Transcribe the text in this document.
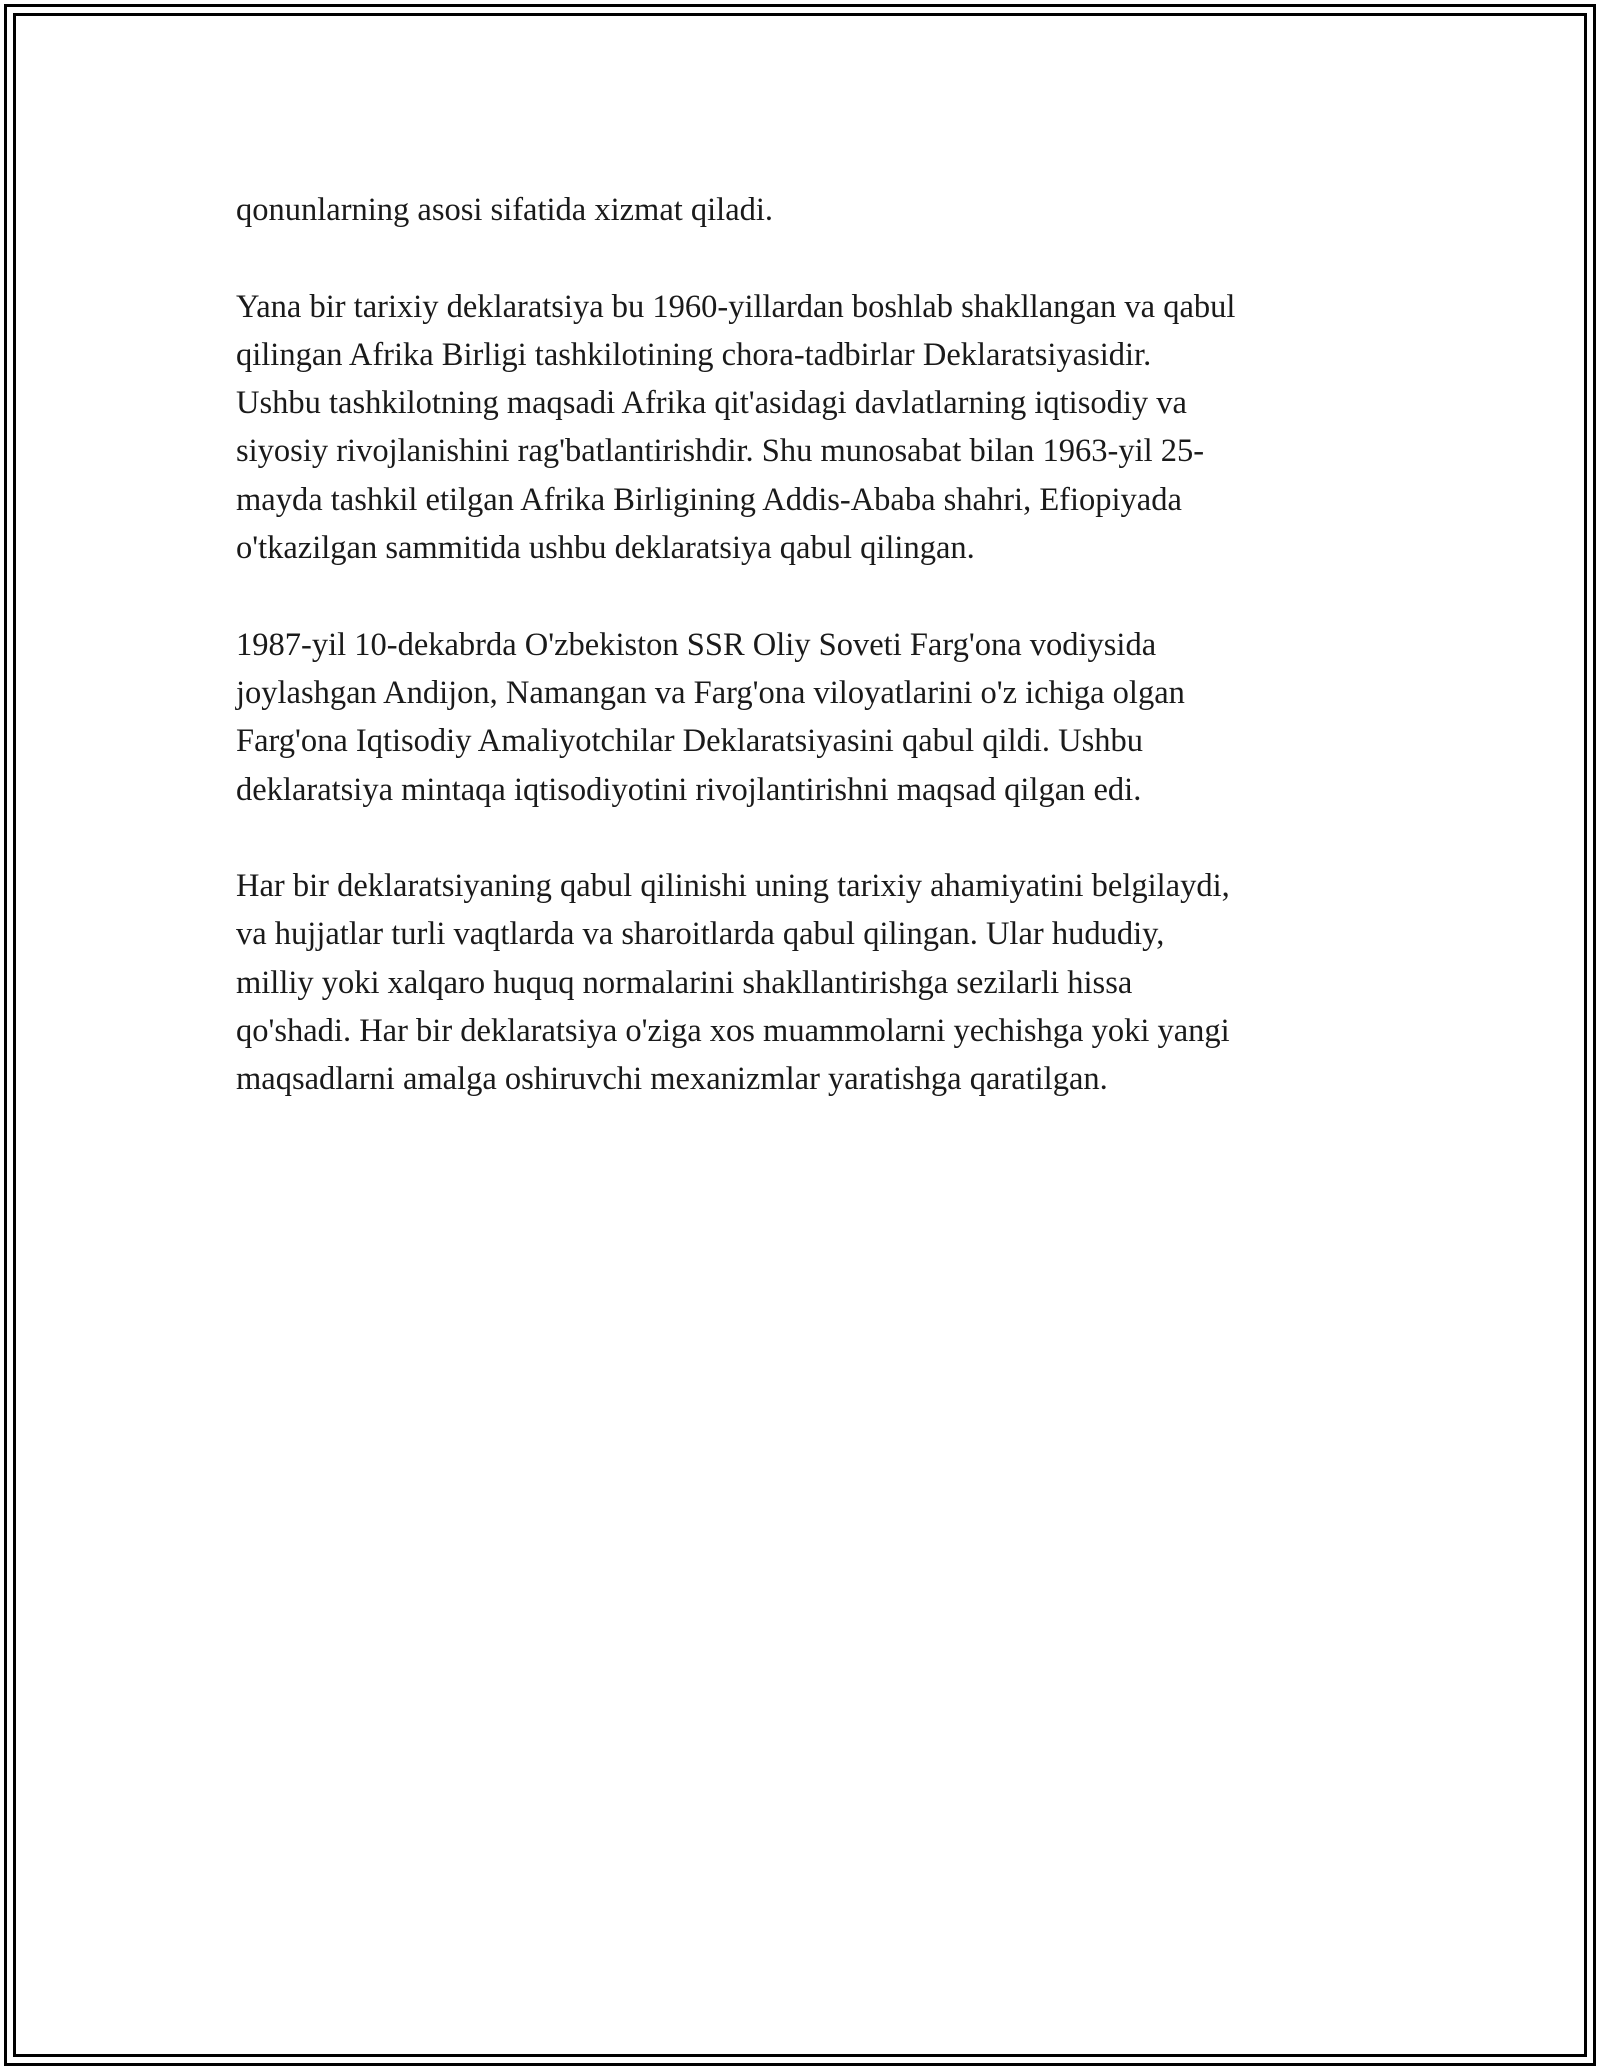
qonunlarning asosi sifatida xizmat qiladi.

Yana bir tarixiy deklaratsiya bu 1960-yillardan boshlab shakllangan va qabul
qilingan Afrika Birligi tashkilotining chora-tadbirlar Deklaratsiyasidir.
Ushbu tashkilotning maqsadi Afrika qit'asidagi davlatlarning iqtisodiy va
siyosiy rivojlanishini rag'batlantirishdir. Shu munosabat bilan 1963-yil 25-
mayda tashkil etilgan Afrika Birligining Addis-Ababa shahri, Efiopiyada
o'tkazilgan sammitida ushbu deklaratsiya qabul qilingan.

1987-yil 10-dekabrda O'zbekiston SSR Oliy Soveti Farg'ona vodiysida
joylashgan Andijon, Namangan va Farg'ona viloyatlarini o'z ichiga olgan
Farg'ona Iqtisodiy Amaliyotchilar Deklaratsiyasini qabul qildi. Ushbu
deklaratsiya mintaqa iqtisodiyotini rivojlantirishni maqsad qilgan edi.

Har bir deklaratsiyaning qabul qilinishi uning tarixiy ahamiyatini belgilaydi,
va hujjatlar turli vaqtlarda va sharoitlarda qabul qilingan. Ular hududiy,
milliy yoki xalqaro huquq normalarini shakllantirishga sezilarli hissa
qo'shadi. Har bir deklaratsiya o'ziga xos muammolarni yechishga yoki yangi
maqsadlarni amalga oshiruvchi mexanizmlar yaratishga qaratilgan.
